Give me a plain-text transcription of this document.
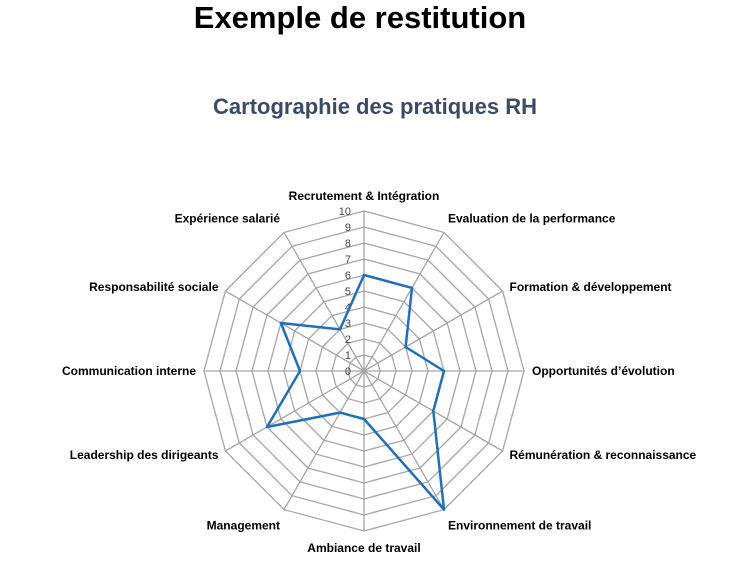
Exemple de restitution
Cartographie des pratiques RH
0
1
2
3
4
5
6
7
8
9
10
Recrutement & Intégration
Evaluation de la performance
Formation & développement
Opportunités d’évolution
Rémunération & reconnaissance
Environnement de travail
Ambiance de travail
Management
Leadership des dirigeants
Communication interne
Responsabilité sociale
Expérience salarié
